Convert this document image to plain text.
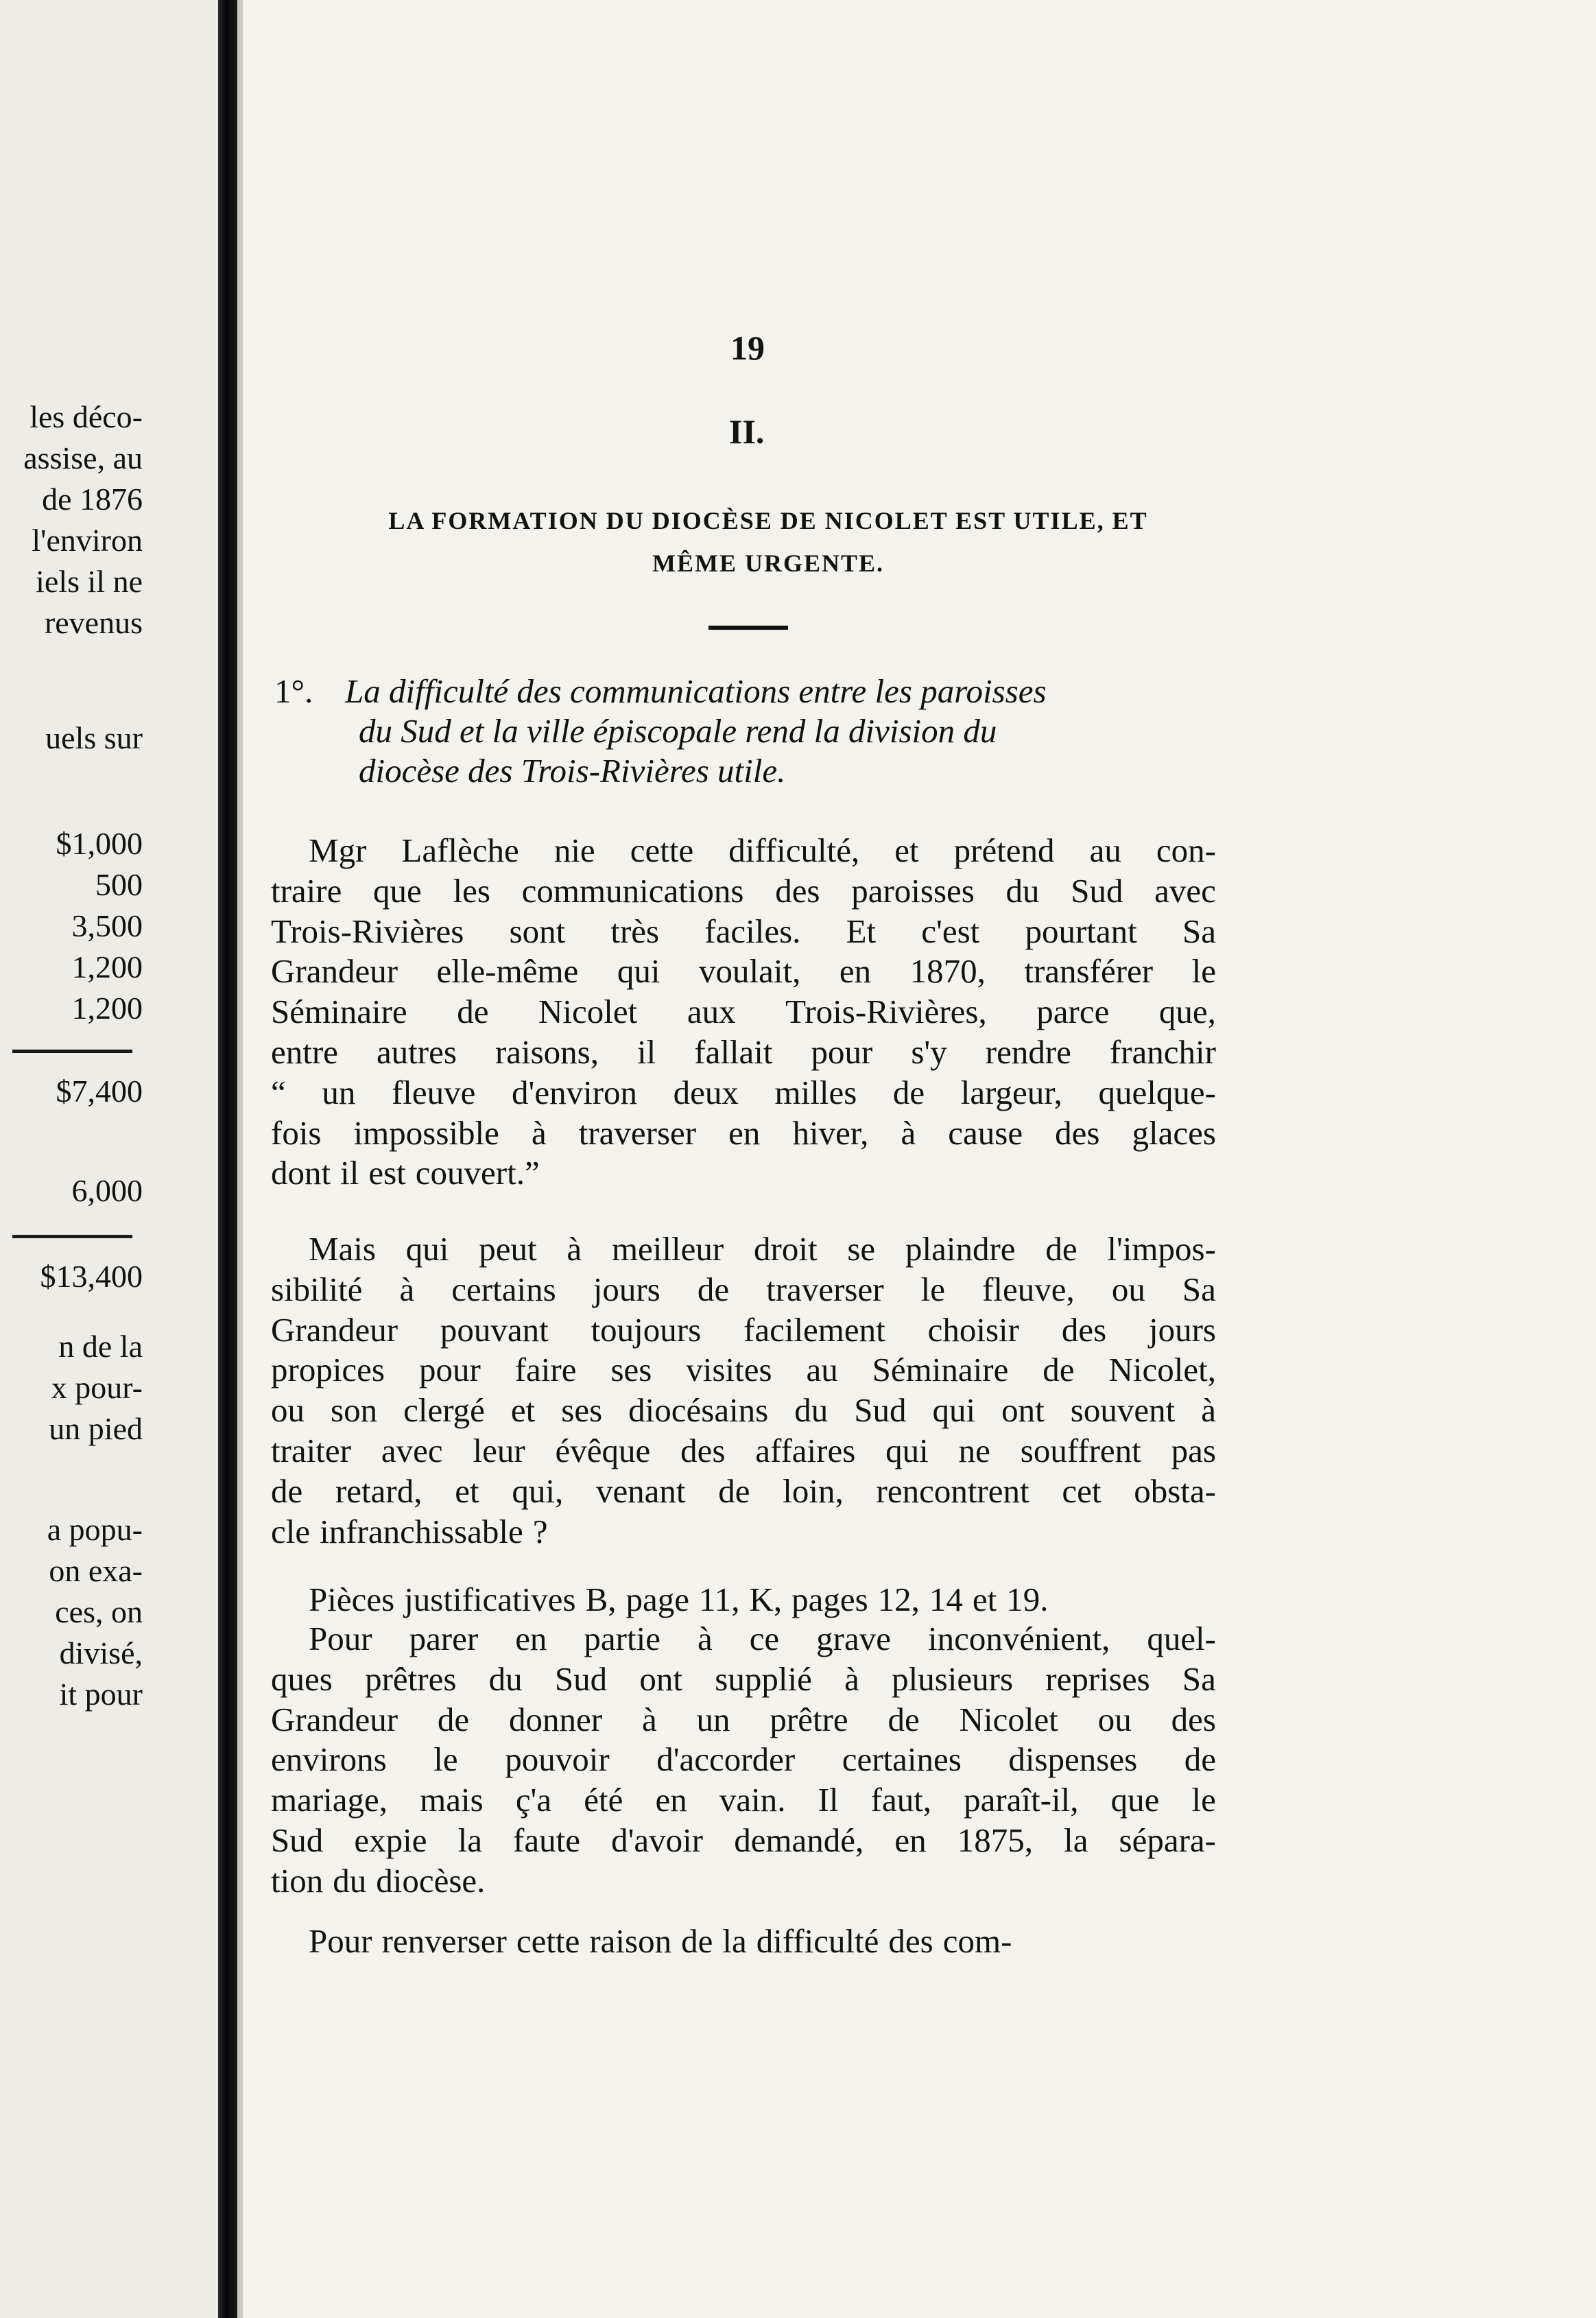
les déco-
assise, au
de 1876
l'environ
iels il ne
revenus
uels sur
$1,000
500
3,500
1,200
1,200
$7,400
6,000
$13,400
n de la
x pour-
un pied
a popu-
on exa-
ces, on
divisé,
it pour
19
II.
LA FORMATION DU DIOCÈSE DE NICOLET EST UTILE, ET
MÊME URGENTE.
1°. La difficulté des communications entre les paroisses
du Sud et la ville épiscopale rend la division du
diocèse des Trois-Rivières utile.
Mgr Laflèche nie cette difficulté, et prétend au con-
traire que les communications des paroisses du Sud avec
Trois-Rivières sont très faciles. Et c'est pourtant Sa
Grandeur elle-même qui voulait, en 1870, transférer le
Séminaire de Nicolet aux Trois-Rivières, parce que,
entre autres raisons, il fallait pour s'y rendre franchir
“ un fleuve d'environ deux milles de largeur, quelque-
fois impossible à traverser en hiver, à cause des glaces
dont il est couvert.”
Mais qui peut à meilleur droit se plaindre de l'impos-
sibilité à certains jours de traverser le fleuve, ou Sa
Grandeur pouvant toujours facilement choisir des jours
propices pour faire ses visites au Séminaire de Nicolet,
ou son clergé et ses diocésains du Sud qui ont souvent à
traiter avec leur évêque des affaires qui ne souffrent pas
de retard, et qui, venant de loin, rencontrent cet obsta-
cle infranchissable ?
Pièces justificatives B, page 11, K, pages 12, 14 et 19.
Pour parer en partie à ce grave inconvénient, quel-
ques prêtres du Sud ont supplié à plusieurs reprises Sa
Grandeur de donner à un prêtre de Nicolet ou des
environs le pouvoir d'accorder certaines dispenses de
mariage, mais ç'a été en vain. Il faut, paraît-il, que le
Sud expie la faute d'avoir demandé, en 1875, la sépara-
tion du diocèse.
Pour renverser cette raison de la difficulté des com-
